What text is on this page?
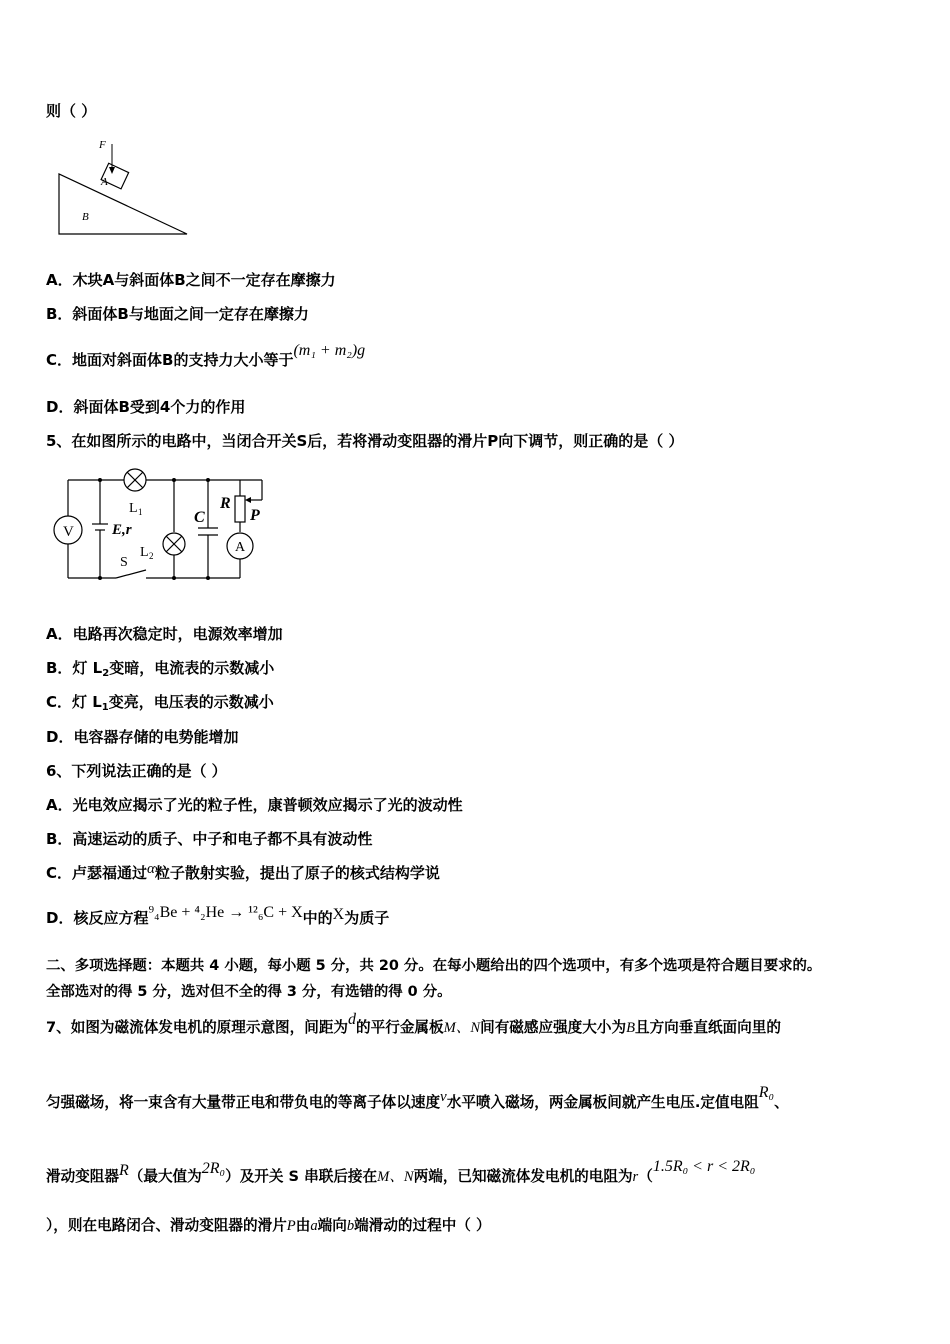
则（ ）
F
A
B
A．木块A与斜面体B之间不一定存在摩擦力
B．斜面体B与地面之间一定存在摩擦力
C．地面对斜面体B的支持力大小等于(m₁ + m₂)g
D．斜面体B受到4个力的作用
5、在如图所示的电路中，当闭合开关S后，若将滑动变阻器的滑片P向下调节，则正确的是（ ）
V
A
L 1
L 2
E,r
C
R
P
S
A．电路再次稳定时，电源效率增加
B．灯 $L_2$变暗，电流表的示数减小
C．灯 $L_1$变亮，电压表的示数减小
D．电容器存储的电势能增加
6、下列说法正确的是（ ）
A．光电效应揭示了光的粒子性，康普顿效应揭示了光的波动性
B．高速运动的质子、中子和电子都不具有波动性
C．卢瑟福通过α粒子散射实验，提出了原子的核式结构学说
D．核反应方程⁹₄Be + ⁴₂He → ¹²₆C + X中的X为质子
二、多项选择题：本题共 4 小题，每小题 5 分，共 20 分。在每小题给出的四个选项中，有多个选项是符合题目要求的。
全部选对的得 5 分，选对但不全的得 3 分，有选错的得 0 分。
7、如图为磁流体发电机的原理示意图，间距为d的平行金属板M、N间有磁感应强度大小为B且方向垂直纸面向里的
匀强磁场，将一束含有大量带正电和带负电的等离子体以速度v水平喷入磁场，两金属板间就产生电压.定值电阻R₀、
滑动变阻器R（最大值为2R₀）及开关 S 串联后接在M、N两端，已知磁流体发电机的电阻为r（1.5R₀ < r < 2R₀
），则在电路闭合、滑动变阻器的滑片P由a端向b端滑动的过程中（ ）
